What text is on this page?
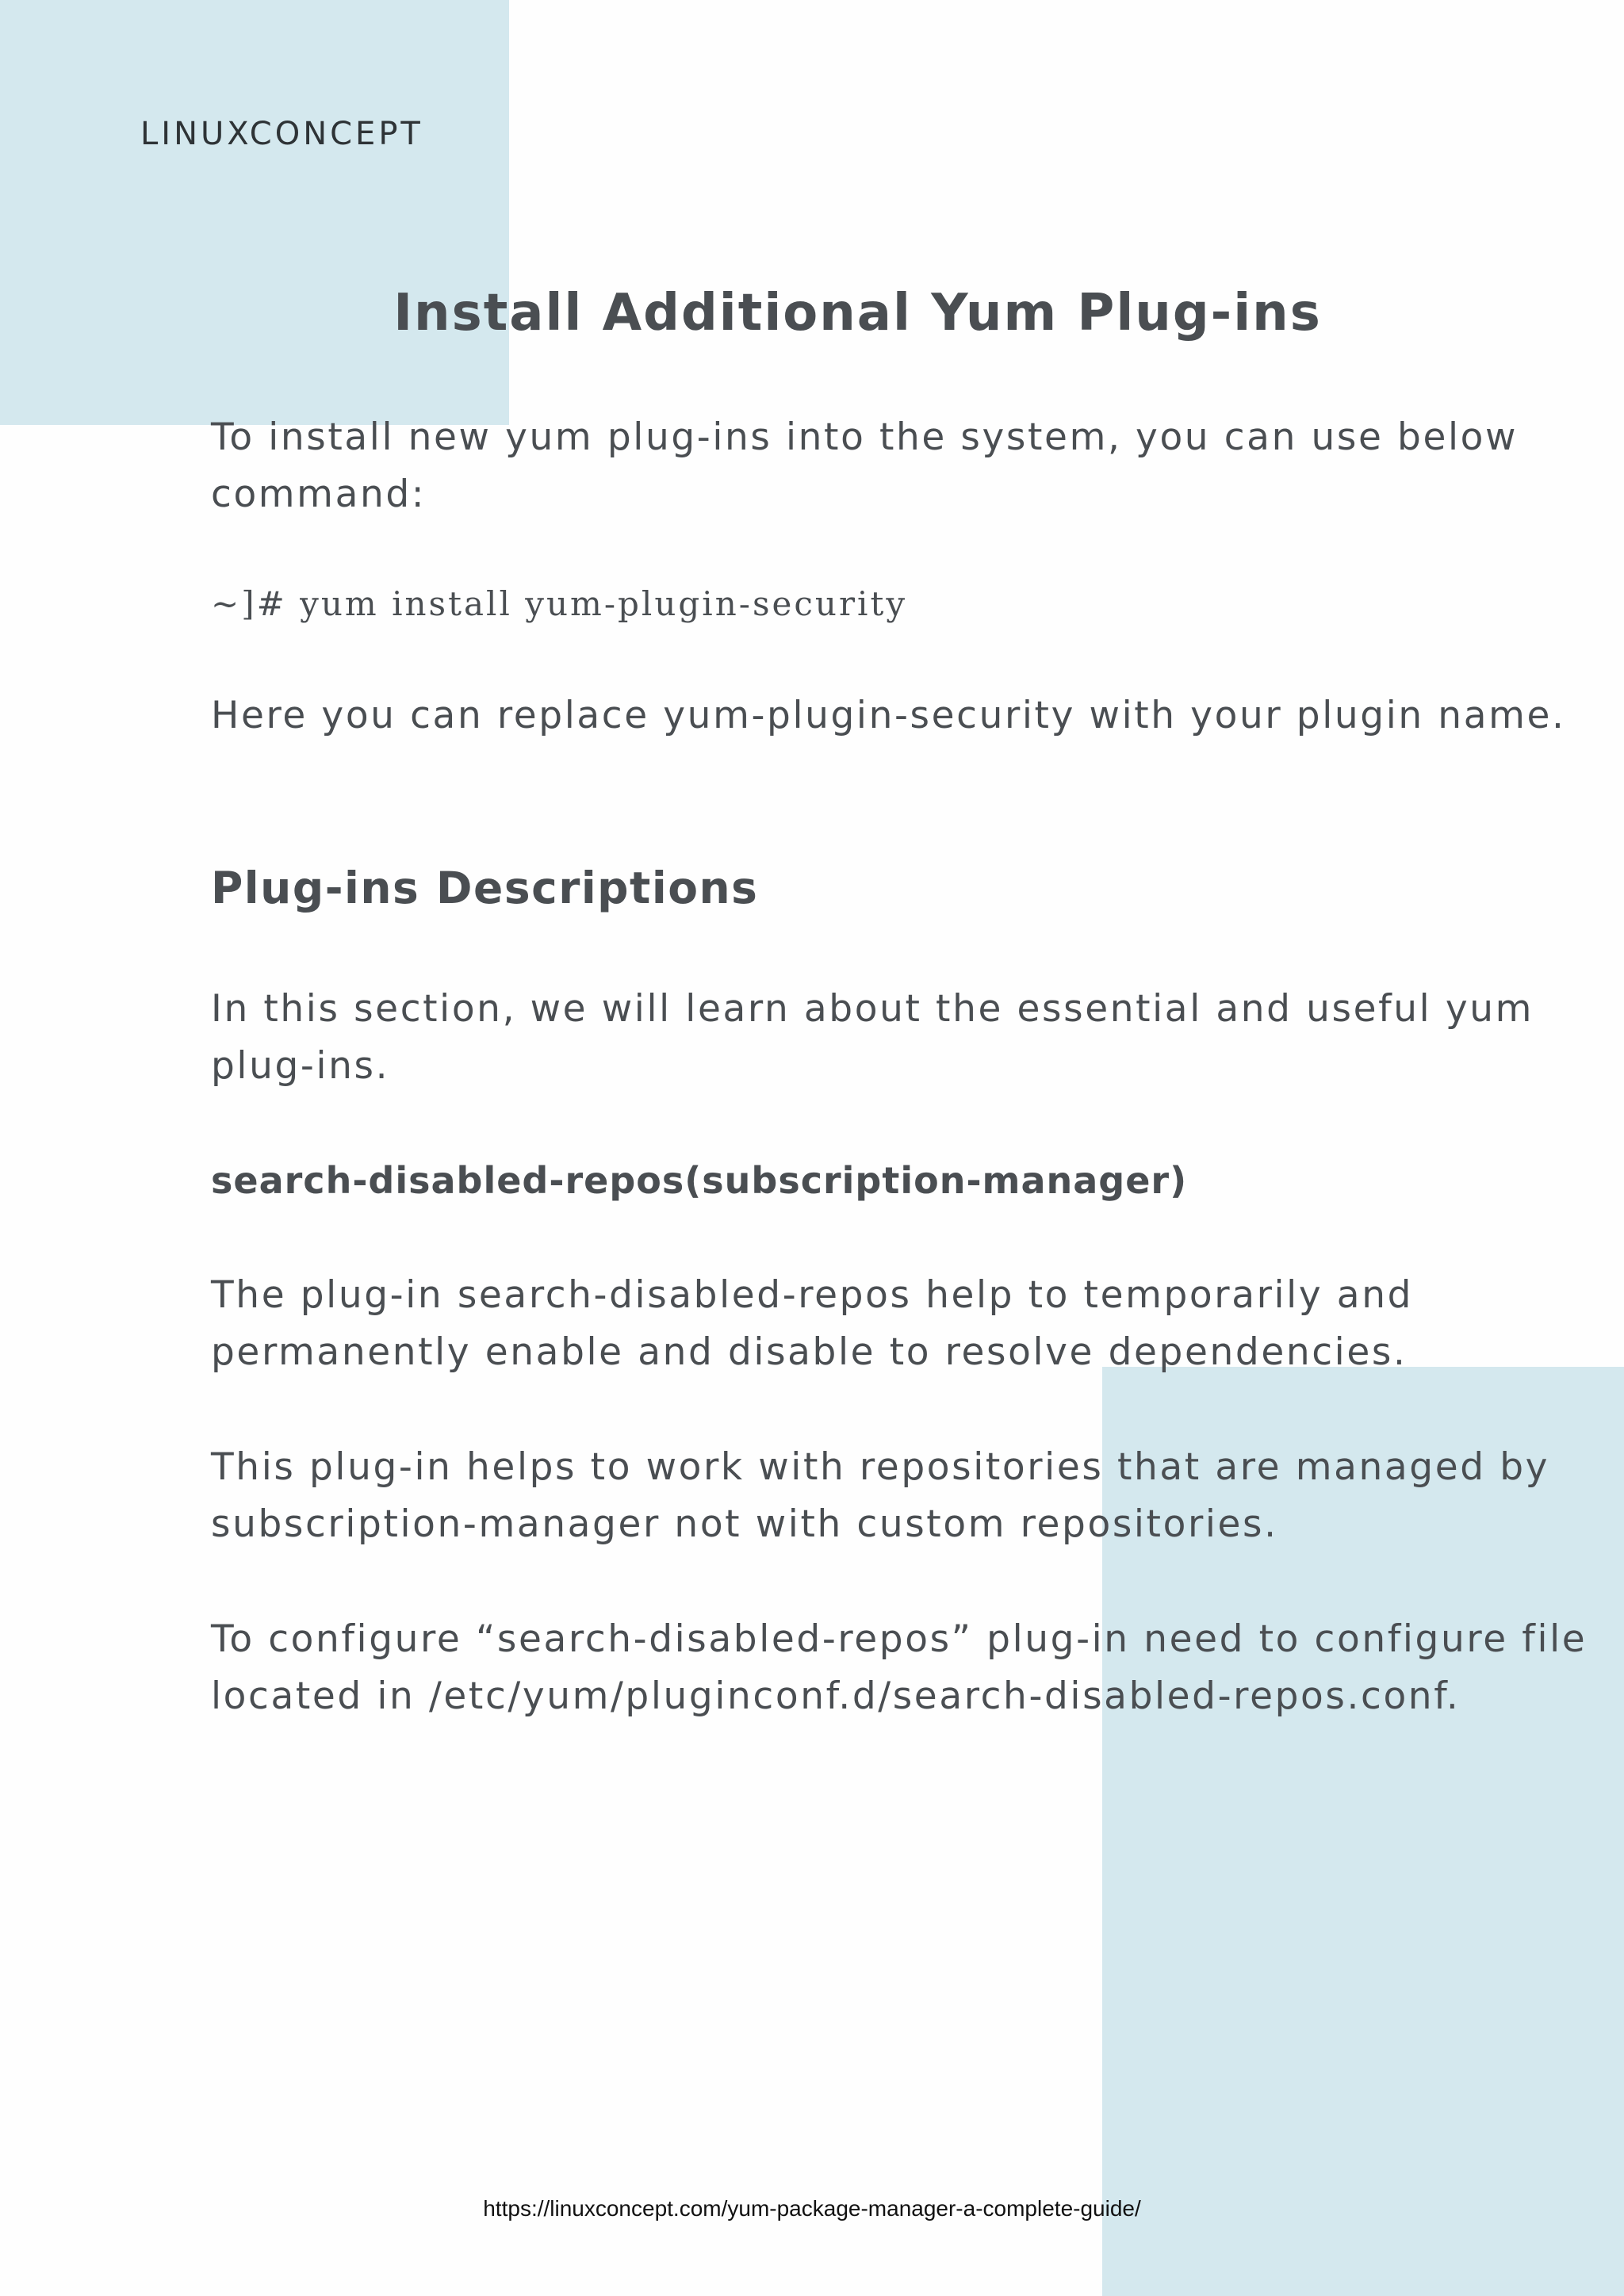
LINUXCONCEPT
Install Additional Yum Plug-ins

To install new yum plug-ins into the system, you can use below command:

~]# yum install yum-plugin-security

Here you can replace yum-plugin-security with your plugin name.

Plug-ins Descriptions

In this section, we will learn about the essential and useful yum plug-ins.

search-disabled-repos(subscription-manager)

The plug-in search-disabled-repos help to temporarily and permanently enable and disable to resolve dependencies.

This plug-in helps to work with repositories that are managed by subscription-manager not with custom repositories.

To configure “search-disabled-repos” plug-in need to configure file located in /etc/yum/pluginconf.d/search-disabled-repos.conf.

https://linuxconcept.com/yum-package-manager-a-complete-guide/
